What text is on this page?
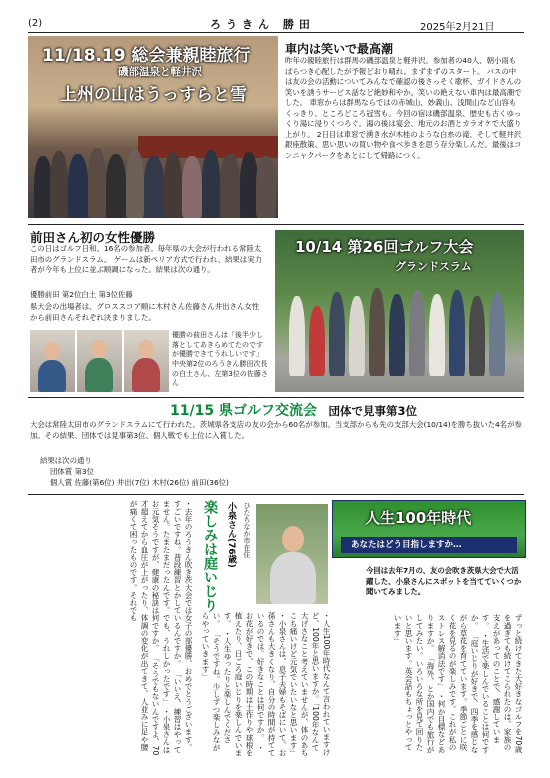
(2)	ろうきん 勝田	2025年2月21日
11/18.19 総会兼親睦旅行
磯部温泉と軽井沢
上州の山はうっすらと雪
車内は笑いで最高潮
昨年の親睦旅行は群馬の磯部温泉と軽井沢。参加者の40人、朝小雨もぱらつき心配したが予報どおり晴れ。まずまずのスタート。 バスの中は友の会の活動についてみんなで確認の後さっそく歌杯、ガイドさんの笑いを誘うサービス話など絶妙和やか。笑いの絶えない車内は最高潮でした。 車窓からは群馬ならではの赤城山、妙義山、浅間山など山容もくっきり、ところどころ冠雪も。今回の宿は磯部温泉、歴史も古くゆっくり湯に浸りくつろぐ。湯の後は宴会、地元のお酒とカラオケで大盛り上がり。 2日目は車窓で湧き水が木桂のような白糸の滝、そして軽井沢銀座散策、思い思いの買い物や食べ歩きを思う存分楽しんだ。最後はコンニャクパークをあとにして帰路につく。
前田さん初の女性優勝
この日はゴルフ日和、16名の参加者。毎年県の大会が行われる常陸太田市のグランドスラム。 ゲームは新ペリア方式で行われ、結果は実力者が今年も上位に並ぶ順調になった。結果は次の通り。
優勝前田 第2位白土 第3位佐藤
県大会の出場者は、グロススコア順に木村さん佐藤さん井出さん女性から前田さんそれぞれ決まりました。
優勝の前田さんは「後半少し落としてあきらめてたのですが優勝できてうれしいです」中央第2位のろうきん勝田次長の白土さん、左第3位の佐藤さん
10/14 第26回ゴルフ大会
グランドスラム
11/15 県ゴルフ交流会 団体で見事第3位
大会は常陸太田市のグランドスラムにて行われた。茨城県各支店の友の会から60名が参加。当支部からも先の支部大会(10/14)を勝ち抜いた4名が参加。その結果、団体では見事第3位、個人戦でも上位に入賞した。
結果は次の通り
団体賞 第3位
個人賞 佐藤(第6位) 井出(7位) 木村(26位) 前田(36位)
・去年のろうきん吹き茨大会では女子の部優勝、おめでとうございます。すごいですね。普段練習とかしているんですか。 「いいえ、練習はやってません。たまたまだったんです。でも、うれしかったです」 ・小泉さんはお元気そうですが、健康の秘訣は何ですか。 「そうでもないんですよ、70才超えてから血圧が上がったり、体調の変化が出てきて、人並みに足や腰が痛くて困ったものです。それでも	楽しみは庭いじり 小泉さん(76歳)	ひたちなか市在住
・人生100年時代なんて言われていますけど、100年と思いますか。「100年なんて大げさなこと考えていませんが、体のあちこち痛いけど元気でいたいなと思います」 ・小泉さんは、息子夫婦もそばにいて、お孫さんも大きくなり、自分の時間が持てているのでは。好きなことは何ですか。 ・お花が好きで、この時期は土作りや球根を植えたり、日ごろ庭いじりを楽しんでいます。 ・人生ゆったりと楽しんでください。 「そうですね。少しずつ楽しみながらやっていきます」
人生100年時代
あなたはどう目指しますか…
今回は去年7月の、友の会吹き茨県大会で大活躍した、小泉さんにスポットを当てていくつか聞いてみました。
ずっと続けてきた大好きなゴルフを70歳を過ぎても続けてこられたのは、家族の支えがあってのことで、感謝しています。 ・生活で楽しんでいることは何ですか。 「庭いじりが好きで、四季を感じながら草花を育てています。季節ごとに咲く花を見るのが楽しみです。これが私のストレス解消法です」 ・何か目標などありますか。 「海外、とか国内でも旅行がしてみたい。いろいろな所を見て回りたいと思います。英会話もちょっとやっています」
